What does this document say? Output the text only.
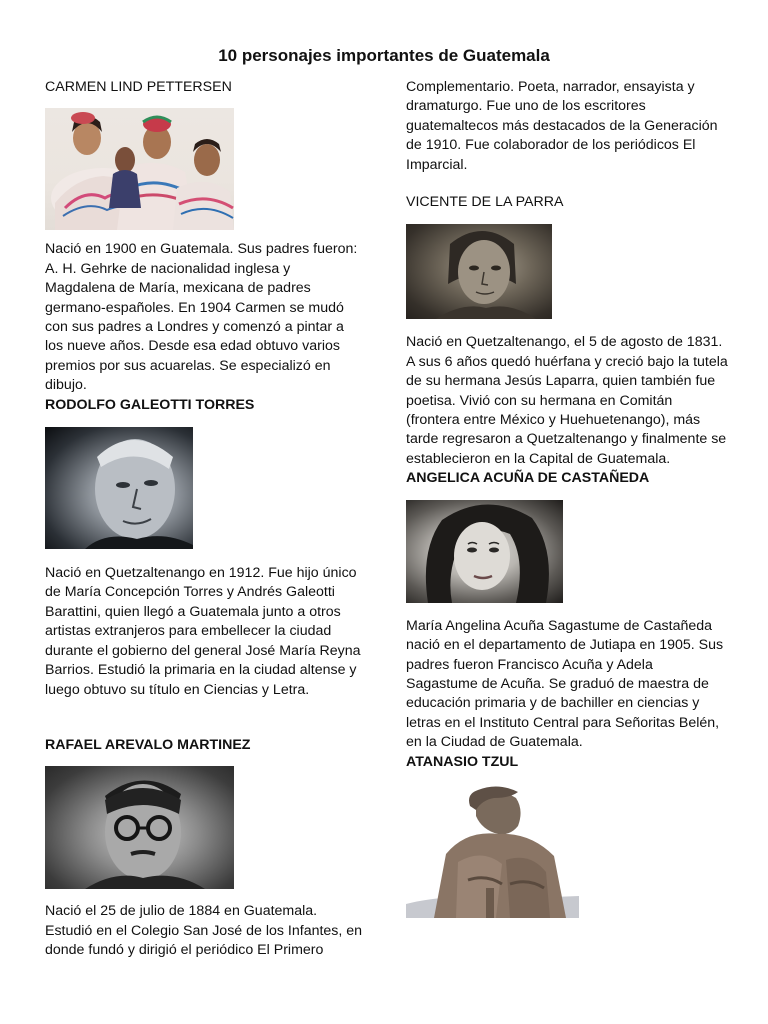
10 personajes importantes de Guatemala
CARMEN LIND PETTERSEN

Nació en 1900 en Guatemala. Sus padres fueron: A. H. Gehrke de nacionalidad inglesa y Magdalena de María, mexicana de padres germano-españoles. En 1904 Carmen se mudó con sus padres a Londres y comenzó a pintar a los nueve años. Desde esa edad obtuvo varios premios por sus acuarelas. Se especializó en dibujo.

RODOLFO GALEOTTI TORRES

Nació en Quetzaltenango en 1912. Fue hijo único de María Concepción Torres y Andrés Galeotti Barattini, quien llegó a Guatemala junto a otros artistas extranjeros para embellecer la ciudad durante el gobierno del general José María Reyna Barrios. Estudió la primaria en la ciudad altense y luego obtuvo su título en Ciencias y Letra.

RAFAEL AREVALO MARTINEZ

Nació el 25 de julio de 1884 en Guatemala. Estudió en el Colegio San José de los Infantes, en donde fundó y dirigió el periódico El Primero

Complementario. Poeta, narrador, ensayista y dramaturgo. Fue uno de los escritores guatemaltecos más destacados de la Generación de 1910. Fue colaborador de los periódicos El Imparcial.

VICENTE DE LA PARRA

Nació en Quetzaltenango, el 5 de agosto de 1831. A sus 6 años quedó huérfana y creció bajo la tutela de su hermana Jesús Laparra, quien también fue poetisa. Vivió con su hermana en Comitán (frontera entre México y Huehuetenango), más tarde regresaron a Quetzaltenango y finalmente se establecieron en la Capital de Guatemala.

ANGELICA ACUÑA DE CASTAÑEDA

María Angelina Acuña Sagastume de Castañeda nació en el departamento de Jutiapa en 1905. Sus padres fueron Francisco Acuña y Adela Sagastume de Acuña. Se graduó de maestra de educación primaria y de bachiller en ciencias y letras en el Instituto Central para Señoritas Belén, en la Ciudad de Guatemala.

ATANASIO TZUL
